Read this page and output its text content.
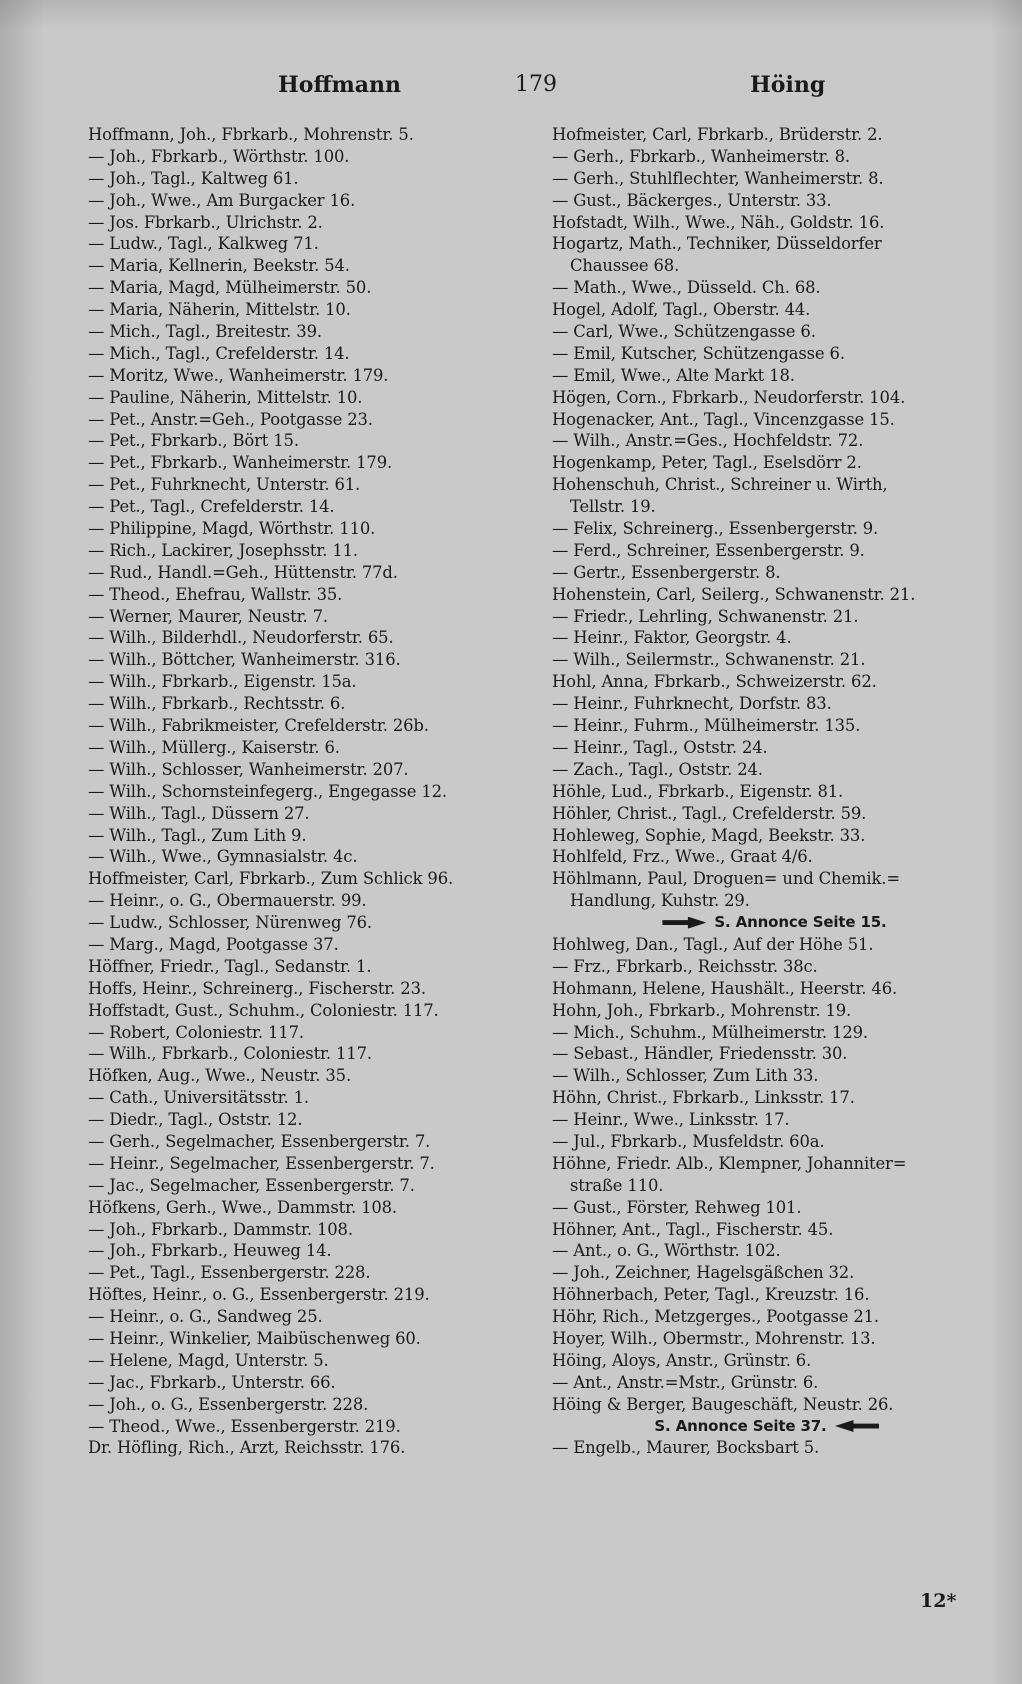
Hoffmann	179	Höing
Hoffmann, Joh., Fbrkarb., Mohrenstr. 5.
— Joh., Fbrkarb., Wörthstr. 100.
— Joh., Tagl., Kaltweg 61.
— Joh., Wwe., Am Burgacker 16.
— Jos. Fbrkarb., Ulrichstr. 2.
— Ludw., Tagl., Kalkweg 71.
— Maria, Kellnerin, Beekstr. 54.
— Maria, Magd, Mülheimerstr. 50.
— Maria, Näherin, Mittelstr. 10.
— Mich., Tagl., Breitestr. 39.
— Mich., Tagl., Crefelderstr. 14.
— Moritz, Wwe., Wanheimerstr. 179.
— Pauline, Näherin, Mittelstr. 10.
— Pet., Anstr.=Geh., Pootgasse 23.
— Pet., Fbrkarb., Bört 15.
— Pet., Fbrkarb., Wanheimerstr. 179.
— Pet., Fuhrknecht, Unterstr. 61.
— Pet., Tagl., Crefelderstr. 14.
— Philippine, Magd, Wörthstr. 110.
— Rich., Lackirer, Josephsstr. 11.
— Rud., Handl.=Geh., Hüttenstr. 77d.
— Theod., Ehefrau, Wallstr. 35.
— Werner, Maurer, Neustr. 7.
— Wilh., Bilderhdl., Neudorferstr. 65.
— Wilh., Böttcher, Wanheimerstr. 316.
— Wilh., Fbrkarb., Eigenstr. 15a.
— Wilh., Fbrkarb., Rechtsstr. 6.
— Wilh., Fabrikmeister, Crefelderstr. 26b.
— Wilh., Müllerg., Kaiserstr. 6.
— Wilh., Schlosser, Wanheimerstr. 207.
— Wilh., Schornsteinfegerg., Engegasse 12.
— Wilh., Tagl., Düssern 27.
— Wilh., Tagl., Zum Lith 9.
— Wilh., Wwe., Gymnasialstr. 4c.
Hoffmeister, Carl, Fbrkarb., Zum Schlick 96.
— Heinr., o. G., Obermauerstr. 99.
— Ludw., Schlosser, Nürenweg 76.
— Marg., Magd, Pootgasse 37.
Höffner, Friedr., Tagl., Sedanstr. 1.
Hoffs, Heinr., Schreinerg., Fischerstr. 23.
Hoffstadt, Gust., Schuhm., Coloniestr. 117.
— Robert, Coloniestr. 117.
— Wilh., Fbrkarb., Coloniestr. 117.
Höfken, Aug., Wwe., Neustr. 35.
— Cath., Universitätsstr. 1.
— Diedr., Tagl., Oststr. 12.
— Gerh., Segelmacher, Essenbergerstr. 7.
— Heinr., Segelmacher, Essenbergerstr. 7.
— Jac., Segelmacher, Essenbergerstr. 7.
Höfkens, Gerh., Wwe., Dammstr. 108.
— Joh., Fbrkarb., Dammstr. 108.
— Joh., Fbrkarb., Heuweg 14.
— Pet., Tagl., Essenbergerstr. 228.
Höftes, Heinr., o. G., Essenbergerstr. 219.
— Heinr., o. G., Sandweg 25.
— Heinr., Winkelier, Maibüschenweg 60.
— Helene, Magd, Unterstr. 5.
— Jac., Fbrkarb., Unterstr. 66.
— Joh., o. G., Essenbergerstr. 228.
— Theod., Wwe., Essenbergerstr. 219.
Dr. Höfling, Rich., Arzt, Reichsstr. 176.
Hofmeister, Carl, Fbrkarb., Brüderstr. 2.
— Gerh., Fbrkarb., Wanheimerstr. 8.
— Gerh., Stuhlflechter, Wanheimerstr. 8.
— Gust., Bäckerges., Unterstr. 33.
Hofstadt, Wilh., Wwe., Näh., Goldstr. 16.
Hogartz, Math., Techniker, Düsseldorfer
Chaussee 68.
— Math., Wwe., Düsseld. Ch. 68.
Hogel, Adolf, Tagl., Oberstr. 44.
— Carl, Wwe., Schützengasse 6.
— Emil, Kutscher, Schützengasse 6.
— Emil, Wwe., Alte Markt 18.
Högen, Corn., Fbrkarb., Neudorferstr. 104.
Hogenacker, Ant., Tagl., Vincenzgasse 15.
— Wilh., Anstr.=Ges., Hochfeldstr. 72.
Hogenkamp, Peter, Tagl., Eselsdörr 2.
Hohenschuh, Christ., Schreiner u. Wirth,
Tellstr. 19.
— Felix, Schreinerg., Essenbergerstr. 9.
— Ferd., Schreiner, Essenbergerstr. 9.
— Gertr., Essenbergerstr. 8.
Hohenstein, Carl, Seilerg., Schwanenstr. 21.
— Friedr., Lehrling, Schwanenstr. 21.
— Heinr., Faktor, Georgstr. 4.
— Wilh., Seilermstr., Schwanenstr. 21.
Hohl, Anna, Fbrkarb., Schweizerstr. 62.
— Heinr., Fuhrknecht, Dorfstr. 83.
— Heinr., Fuhrm., Mülheimerstr. 135.
— Heinr., Tagl., Oststr. 24.
— Zach., Tagl., Oststr. 24.
Höhle, Lud., Fbrkarb., Eigenstr. 81.
Höhler, Christ., Tagl., Crefelderstr. 59.
Hohleweg, Sophie, Magd, Beekstr. 33.
Hohlfeld, Frz., Wwe., Graat 4/6.
Höhlmann, Paul, Droguen= und Chemik.=
Handlung, Kuhstr. 29.
S. Annonce Seite 15.
Hohlweg, Dan., Tagl., Auf der Höhe 51.
— Frz., Fbrkarb., Reichsstr. 38c.
Hohmann, Helene, Haushält., Heerstr. 46.
Hohn, Joh., Fbrkarb., Mohrenstr. 19.
— Mich., Schuhm., Mülheimerstr. 129.
— Sebast., Händler, Friedensstr. 30.
— Wilh., Schlosser, Zum Lith 33.
Höhn, Christ., Fbrkarb., Linksstr. 17.
— Heinr., Wwe., Linksstr. 17.
— Jul., Fbrkarb., Musfeldstr. 60a.
Höhne, Friedr. Alb., Klempner, Johanniter=
straße 110.
— Gust., Förster, Rehweg 101.
Höhner, Ant., Tagl., Fischerstr. 45.
— Ant., o. G., Wörthstr. 102.
— Joh., Zeichner, Hagelsgäßchen 32.
Höhnerbach, Peter, Tagl., Kreuzstr. 16.
Höhr, Rich., Metzgerges., Pootgasse 21.
Hoyer, Wilh., Obermstr., Mohrenstr. 13.
Höing, Aloys, Anstr., Grünstr. 6.
— Ant., Anstr.=Mstr., Grünstr. 6.
Höing & Berger, Baugeschäft, Neustr. 26.
S. Annonce Seite 37.
— Engelb., Maurer, Bocksbart 5.
12*
